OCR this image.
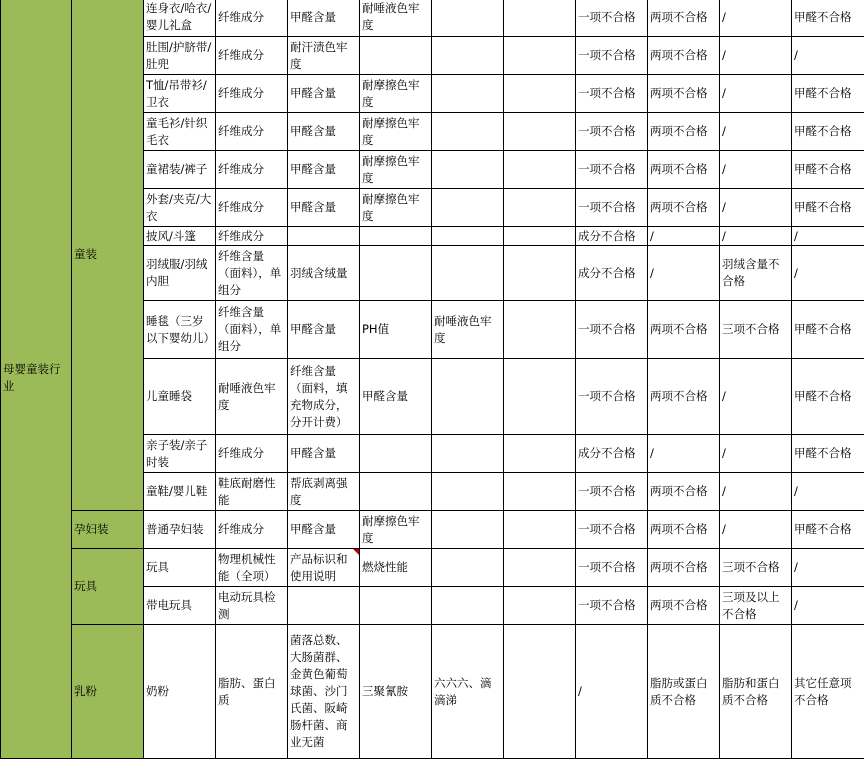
母婴童装行业	童装	连身衣/哈衣/婴儿礼盒	纤维成分	甲醛含量	耐唾液色牢度			一项不合格	两项不合格	/	甲醛不合格
		肚围/护脐带/肚兜	纤维成分	耐汗渍色牢度				一项不合格	两项不合格	/	/
		T恤/吊带衫/卫衣	纤维成分	甲醛含量	耐摩擦色牢度			一项不合格	两项不合格	/	甲醛不合格
		童毛衫/针织毛衣	纤维成分	甲醛含量	耐摩擦色牢度			一项不合格	两项不合格	/	甲醛不合格
		童裙装/裤子	纤维成分	甲醛含量	耐摩擦色牢度			一项不合格	两项不合格	/	甲醛不合格
		外套/夹克/大衣	纤维成分	甲醛含量	耐摩擦色牢度			一项不合格	两项不合格	/	甲醛不合格
		披风/斗篷	纤维成分					成分不合格	/	/	/
		羽绒服/羽绒内胆	纤维含量（面料），单组分	羽绒含绒量				成分不合格	/	羽绒含量不合格	/
		睡毯（三岁以下婴幼儿）	纤维含量（面料），单组分	甲醛含量	PH值	耐唾液色牢度		一项不合格	两项不合格	三项不合格	甲醛不合格
		儿童睡袋	耐唾液色牢度	纤维含量（面料，填充物成分，分开计费）	甲醛含量			一项不合格	两项不合格	/	甲醛不合格
		亲子装/亲子时装	纤维成分	甲醛含量				成分不合格	/	/	甲醛不合格
		童鞋/婴儿鞋	鞋底耐磨性能	帮底剥离强度				一项不合格	两项不合格	/	/
	孕妇装	普通孕妇装	纤维成分	甲醛含量	耐摩擦色牢度			一项不合格	两项不合格	/	甲醛不合格
	玩具	玩具	物理机械性能（全项）	产品标识和使用说明	燃烧性能			一项不合格	两项不合格	三项不合格	/
		带电玩具	电动玩具检测					一项不合格	两项不合格	三项及以上不合格	/
	乳粉	奶粉	脂肪、蛋白质	菌落总数、大肠菌群、金黄色葡萄球菌、沙门氏菌、阪崎肠杆菌、商业无菌	三聚氰胺	六六六、滴滴涕		/	脂肪或蛋白质不合格	脂肪和蛋白质不合格	其它任意项不合格
